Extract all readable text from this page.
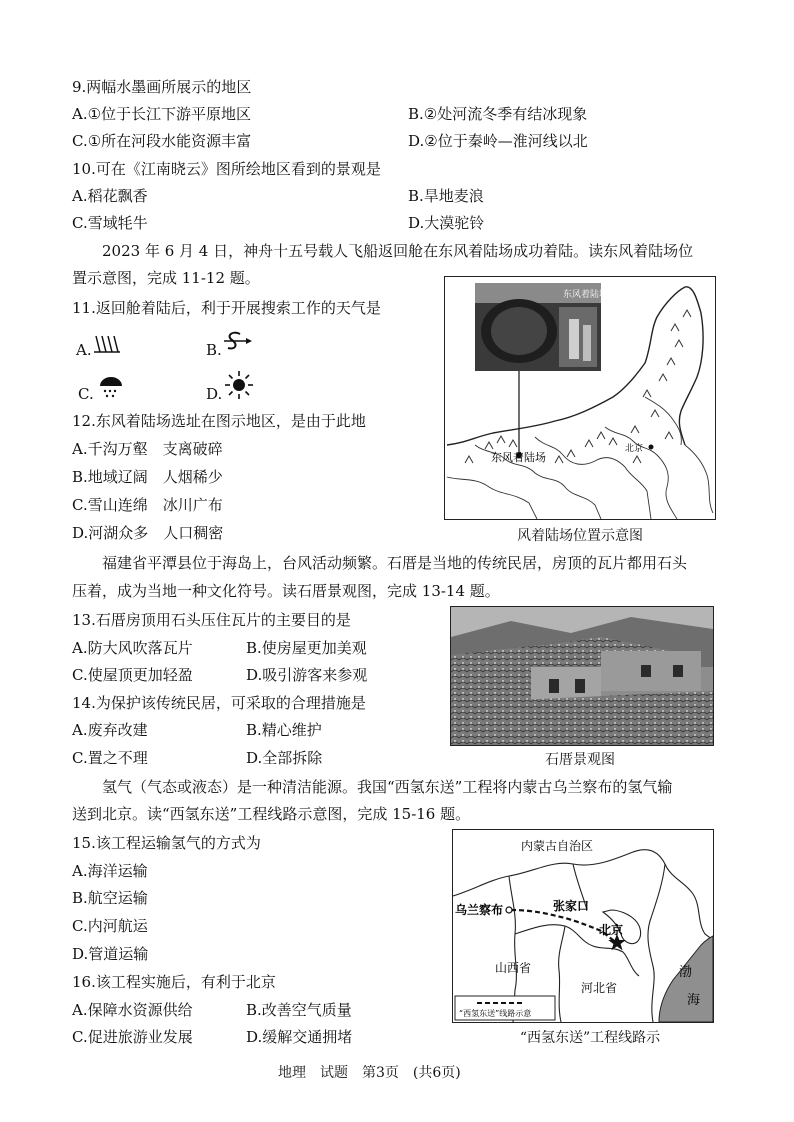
9.两幅水墨画所展示的地区
A.①位于长江下游平原地区	B.②处河流冬季有结冰现象
C.①所在河段水能资源丰富	D.②位于秦岭—淮河线以北
10.可在《江南晓云》图所绘地区看到的景观是
A.稻花飘香	B.旱地麦浪
C.雪域牦牛	D.大漠驼铃
2023 年 6 月 4 日，神舟十五号载人飞船返回舱在东风着陆场成功着陆。读东风着陆场位
置示意图，完成 11-12 题。
11.返回舱着陆后，利于开展搜索工作的天气是
A.	B.
C.	D.
12.东风着陆场选址在图示地区，是由于此地
A.千沟万壑　支离破碎
B.地域辽阔　人烟稀少
C.雪山连绵　冰川广布
D.河湖众多　人口稠密
北京
东风着陆场
东风着陆场
风着陆场位置示意图
福建省平潭县位于海岛上，台风活动频繁。石厝是当地的传统民居，房顶的瓦片都用石头
压着，成为当地一种文化符号。读石厝景观图，完成 13-14 题。
13.石厝房顶用石头压住瓦片的主要目的是
A.防大风吹落瓦片	B.使房屋更加美观
C.使屋顶更加轻盈	D.吸引游客来参观
14.为保护该传统民居，可采取的合理措施是
A.废弃改建	B.精心维护
C.置之不理	D.全部拆除	石厝景观图
氢气（气态或液态）是一种清洁能源。我国“西氢东送”工程将内蒙古乌兰察布的氢气输
送到北京。读“西氢东送”工程线路示意图，完成 15-16 题。
15.该工程运输氢气的方式为
A.海洋运输
B.航空运输
C.内河航运
D.管道运输
16.该工程实施后，有利于北京
A.保障水资源供给	B.改善空气质量
C.促进旅游业发展	D.缓解交通拥堵
内蒙古自治区
乌兰察布	张家口
北京
山西省
河北省
渤
海
“西氢东送”线路示意
“西氢东送”工程线路示
地理　试题　第3页　(共6页)
